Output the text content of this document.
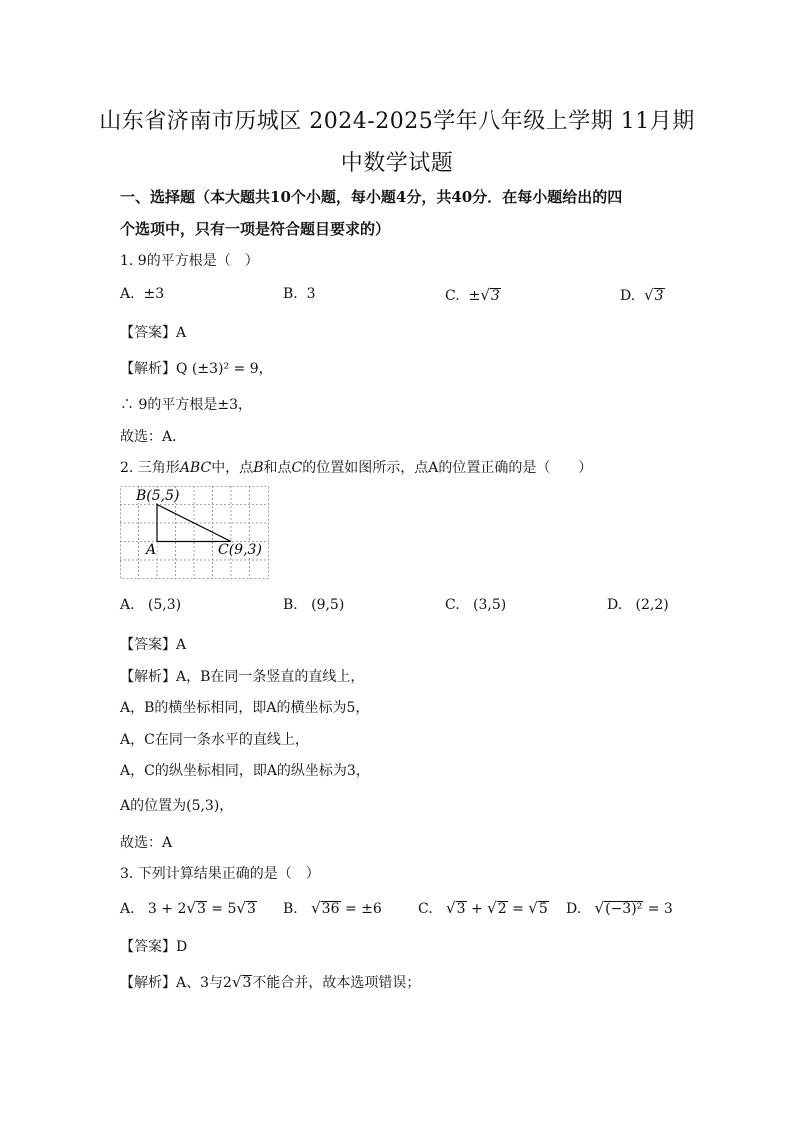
山东省济南市历城区 2024-2025学年八年级上学期 11月期
中数学试题
一、选择题（本大题共10个小题，每小题4分，共40分．在每小题给出的四
个选项中，只有一项是符合题目要求的）
1. 9的平方根是（　）
A. ±3	B. 3	C. ±√3	D. √3
【答案】A
【解析】Q (±3)² = 9，
∴ 9的平方根是±3，
故选：A．
2. 三角形ABC中，点B和点C的位置如图所示，点A的位置正确的是（　　）
B(5,5)
A	C(9,3)
A. (5,3)	B. (9,5)	C. (3,5)	D. (2,2)
【答案】A
【解析】A，B在同一条竖直的直线上，
A，B的横坐标相同，即A的横坐标为5，
A，C在同一条水平的直线上，
A，C的纵坐标相同，即A的纵坐标为3，
A的位置为(5,3)，
故选：A
3. 下列计算结果正确的是（　）
A. 3 + 2√3 = 5√3 B. √36 = ±6	C. √3 + √2 = √5 D. √(−3)² = 3
【答案】D
【解析】A、3与2√3不能合并，故本选项错误；
